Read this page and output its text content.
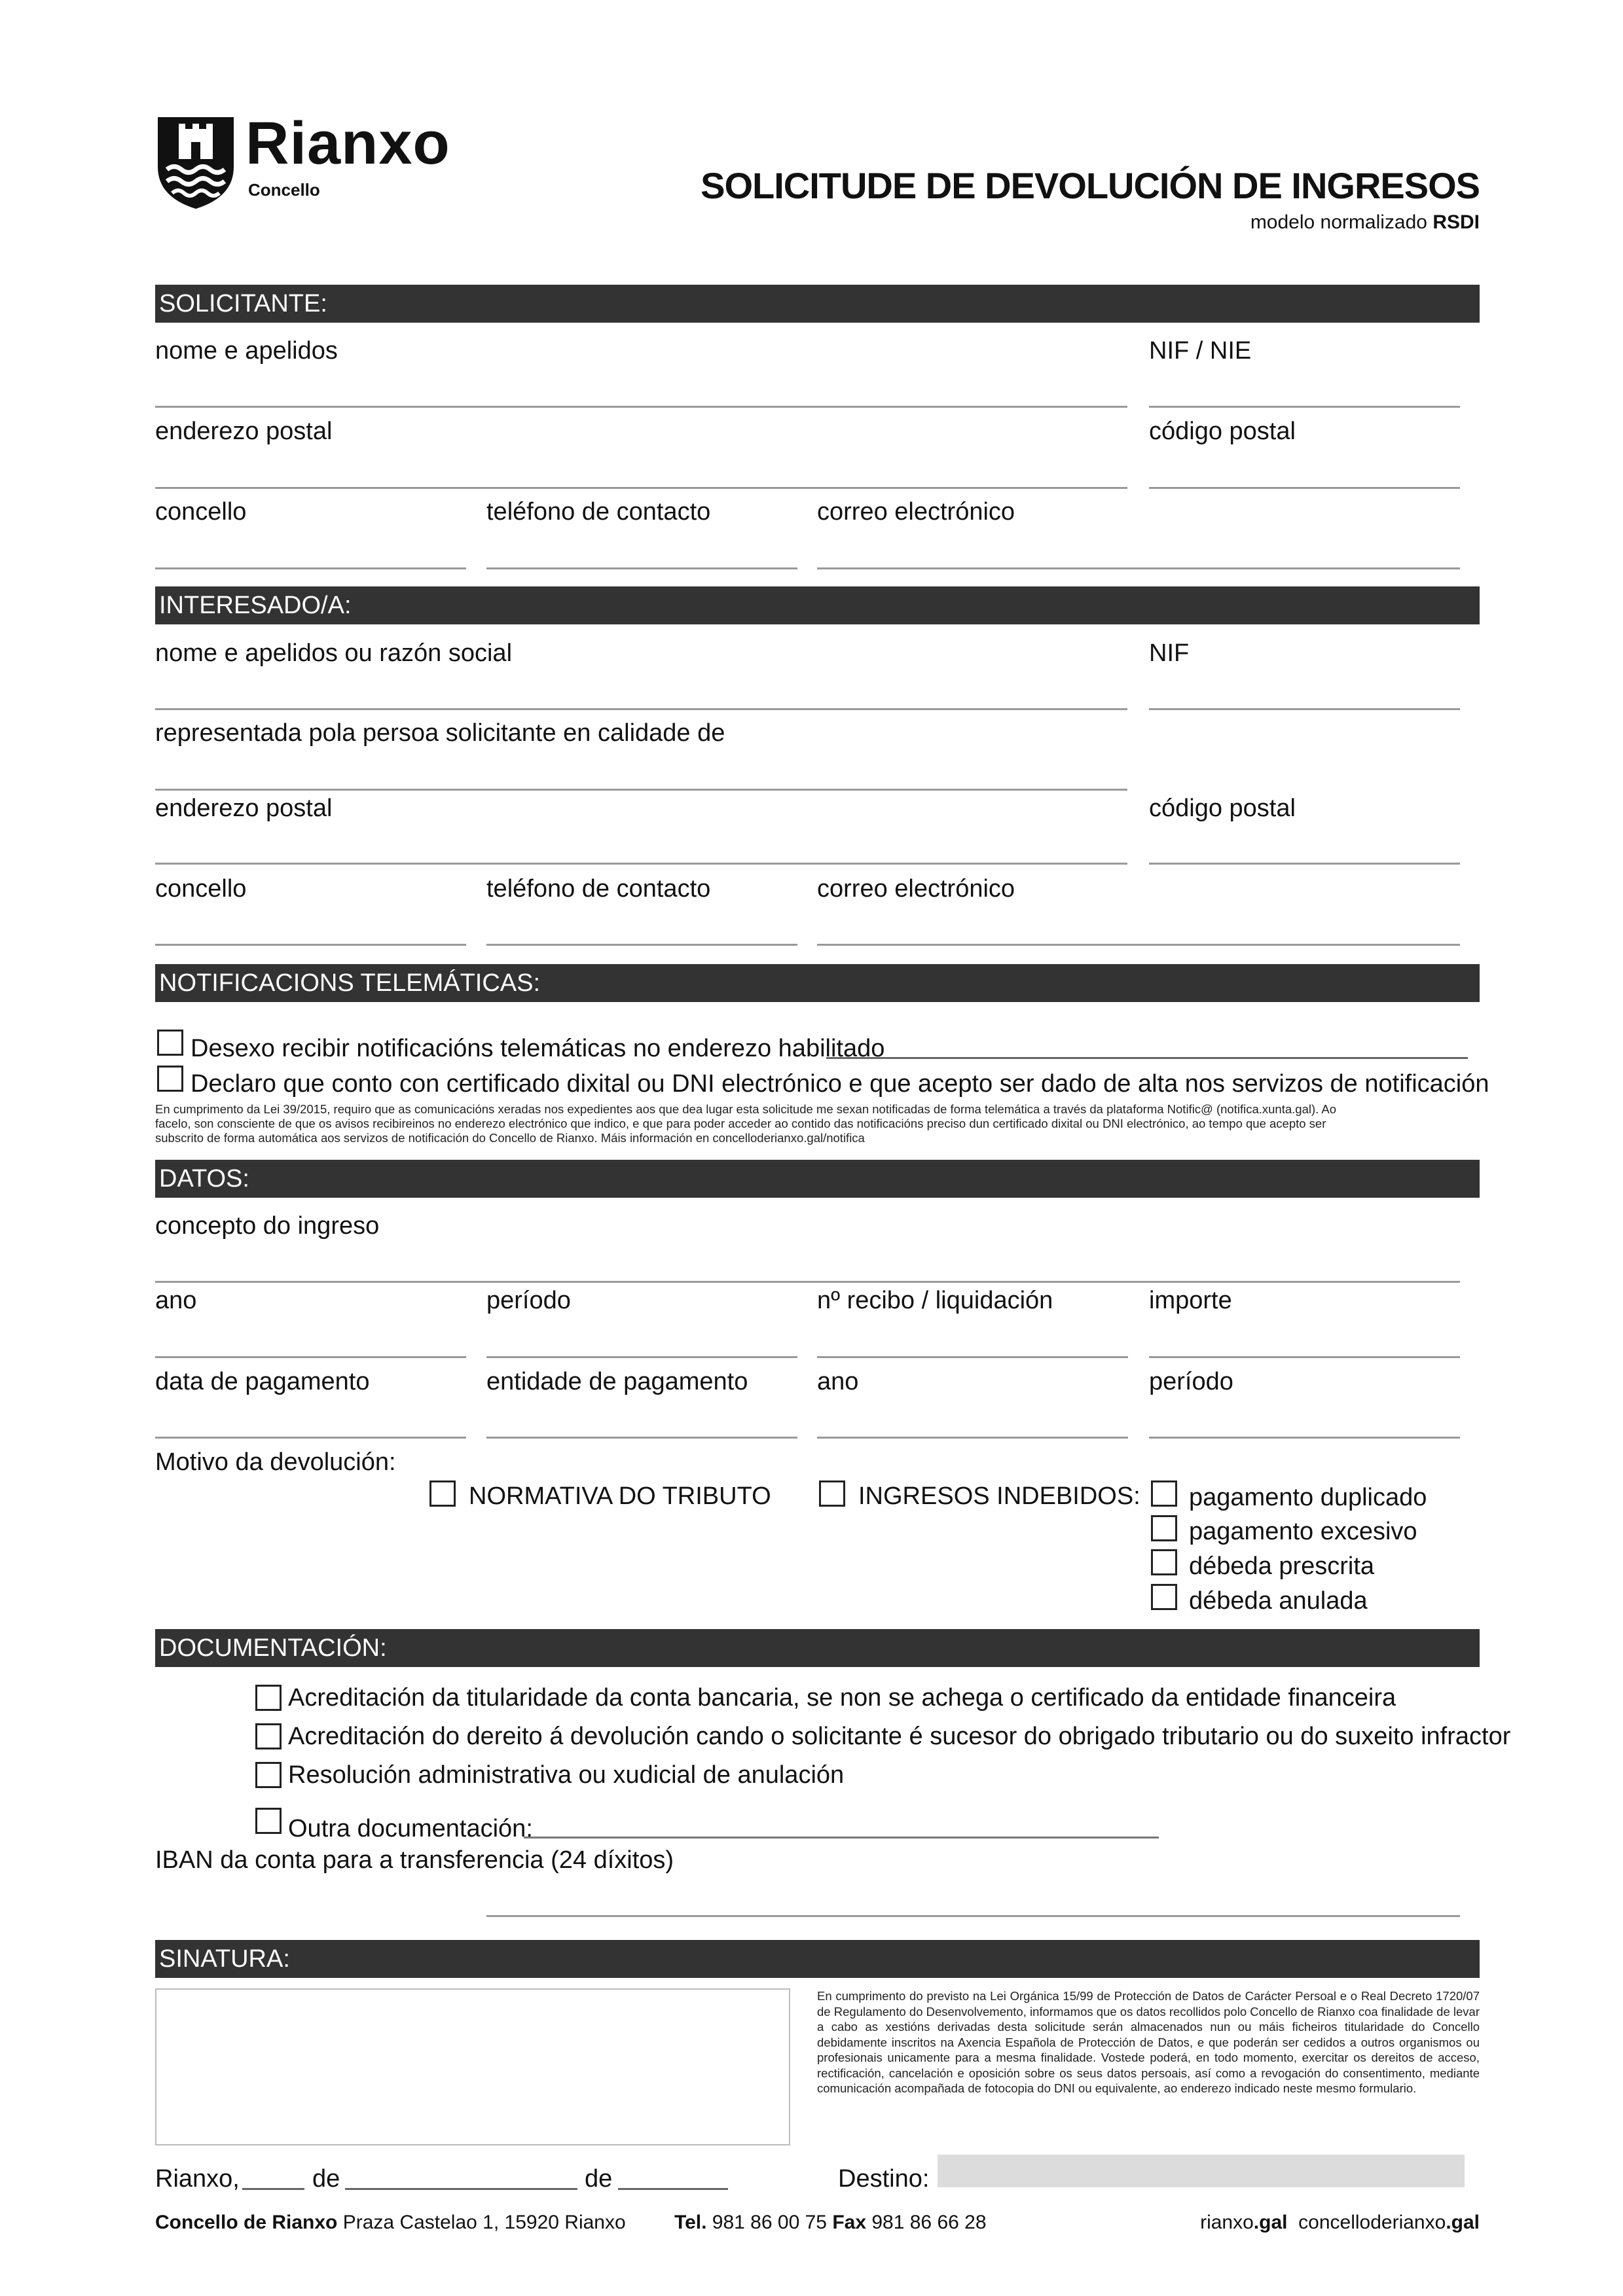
Rianxo
Concello	SOLICITUDE DE DEVOLUCIÓN DE INGRESOS
modelo normalizado RSDI
SOLICITANTE:
nome e apelidos	NIF / NIE
enderezo postal	código postal
concello	teléfono de contacto	correo electrónico
INTERESADO/A:
nome e apelidos ou razón social	NIF
representada pola persoa solicitante en calidade de
enderezo postal	código postal
concello	teléfono de contacto	correo electrónico
NOTIFICACIONS TELEMÁTICAS:
Desexo recibir notificacións telemáticas no enderezo habilitado
Declaro que conto con certificado dixital ou DNI electrónico e que acepto ser dado de alta nos servizos de notificación
En cumprimento da Lei 39/2015, requiro que as comunicacións xeradas nos expedientes aos que dea lugar esta solicitude me sexan notificadas de forma telemática a través da plataforma Notific@ (notifica.xunta.gal). Ao
facelo, son consciente de que os avisos recibireinos no enderezo electrónico que indico, e que para poder acceder ao contido das notificacións preciso dun certificado dixital ou DNI electrónico, ao tempo que acepto ser
subscrito de forma automática aos servizos de notificación do Concello de Rianxo. Máis información en concelloderianxo.gal/notifica
DATOS:
concepto do ingreso
ano	período	nº recibo / liquidación	importe
data de pagamento	entidade de pagamento	ano	período
Motivo da devolución:
NORMATIVA DO TRIBUTO	INGRESOS INDEBIDOS: pagamento duplicado
pagamento excesivo
débeda prescrita
débeda anulada
DOCUMENTACIÓN:
Acreditación da titularidade da conta bancaria, se non se achega o certificado da entidade financeira
Acreditación do dereito á devolución cando o solicitante é sucesor do obrigado tributario ou do suxeito infractor
Resolución administrativa ou xudicial de anulación
Outra documentación:
IBAN da conta para a transferencia (24 díxitos)
SINATURA:
En cumprimento do previsto na Lei Orgánica 15/99 de Protección de Datos de Carácter Persoal e o Real Decreto 1720/07 de Regulamento do Desenvolvemento, informamos que os datos recollidos polo Concello de Rianxo coa finalidade de levar a cabo as xestións derivadas desta solicitude serán almacenados nun ou máis ficheiros titularidade do Concello debidamente inscritos na Axencia Española de Protección de Datos, e que poderán ser cedidos a outros organismos ou profesionais unicamente para a mesma finalidade. Vostede poderá, en todo momento, exercitar os dereitos de acceso, rectificación, cancelación e oposición sobre os seus datos persoais, así como a revogación do consentimento, mediante comunicación acompañada de fotocopia do DNI ou equivalente, ao enderezo indicado neste mesmo formulario.
Rianxo,	de	de	Destino:
Concello de Rianxo Praza Castelao 1, 15920 Rianxo Tel. 981 86 00 75 Fax 981 86 66 28	rianxo.gal concelloderianxo.gal
